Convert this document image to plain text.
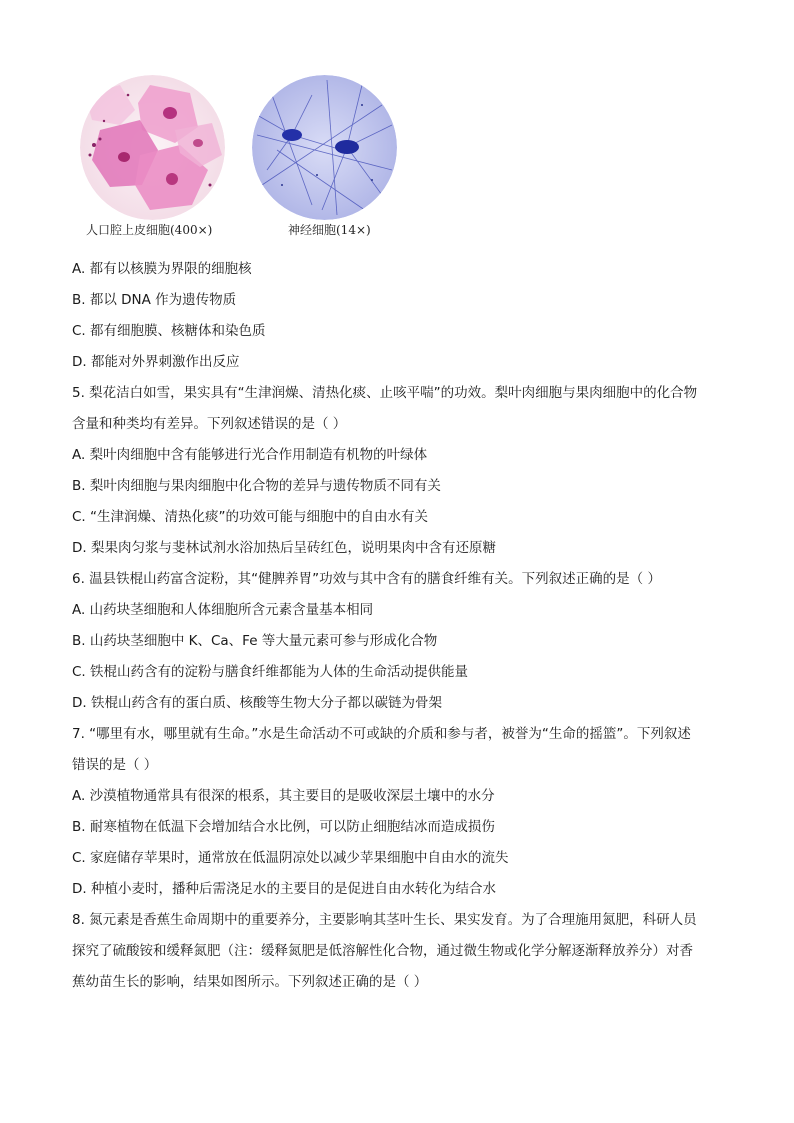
人口腔上皮细胞(400×)	神经细胞(14×)
A. 都有以核膜为界限的细胞核
B. 都以 DNA 作为遗传物质
C. 都有细胞膜、核糖体和染色质
D. 都能对外界刺激作出反应
5. 梨花洁白如雪，果实具有“生津润燥、清热化痰、止咳平喘”的功效。梨叶肉细胞与果肉细胞中的化合物
含量和种类均有差异。下列叙述错误的是（ ）
A. 梨叶肉细胞中含有能够进行光合作用制造有机物的叶绿体
B. 梨叶肉细胞与果肉细胞中化合物的差异与遗传物质不同有关
C. “生津润燥、清热化痰”的功效可能与细胞中的自由水有关
D. 梨果肉匀浆与斐林试剂水浴加热后呈砖红色，说明果肉中含有还原糖
6. 温县铁棍山药富含淀粉，其“健脾养胃”功效与其中含有的膳食纤维有关。下列叙述正确的是（ ）
A. 山药块茎细胞和人体细胞所含元素含量基本相同
B. 山药块茎细胞中 K、Ca、Fe 等大量元素可参与形成化合物
C. 铁棍山药含有的淀粉与膳食纤维都能为人体的生命活动提供能量
D. 铁棍山药含有的蛋白质、核酸等生物大分子都以碳链为骨架
7. “哪里有水，哪里就有生命。”水是生命活动不可或缺的介质和参与者，被誉为“生命的摇篮”。下列叙述
错误的是（ ）
A. 沙漠植物通常具有很深的根系，其主要目的是吸收深层土壤中的水分
B. 耐寒植物在低温下会增加结合水比例，可以防止细胞结冰而造成损伤
C. 家庭储存苹果时，通常放在低温阴凉处以减少苹果细胞中自由水的流失
D. 种植小麦时，播种后需浇足水的主要目的是促进自由水转化为结合水
8. 氮元素是香蕉生命周期中的重要养分，主要影响其茎叶生长、果实发育。为了合理施用氮肥，科研人员
探究了硫酸铵和缓释氮肥（注：缓释氮肥是低溶解性化合物，通过微生物或化学分解逐渐释放养分）对香
蕉幼苗生长的影响，结果如图所示。下列叙述正确的是（ ）
